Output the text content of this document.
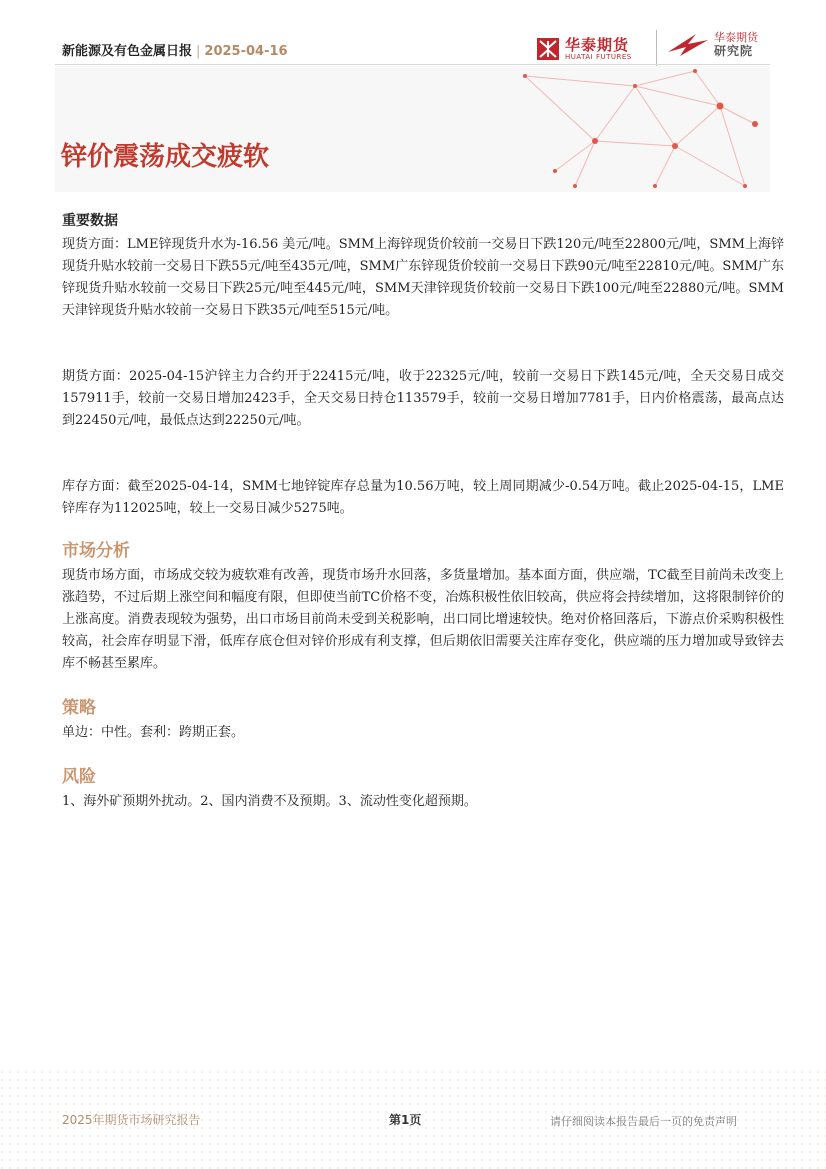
新能源及有色金属日报 | 2025-04-16	华泰期货
HUATAI FUTURES
华泰期货
研究院
锌价震荡成交疲软

重要数据

现货方面：LME锌现货升水为-16.56 美元/吨。SMM上海锌现货价较前一交易日下跌120元/吨至22800元/吨，SMM上海锌现货升贴水较前一交易日下跌55元/吨至435元/吨，SMM广东锌现货价较前一交易日下跌90元/吨至22810元/吨。SMM广东锌现货升贴水较前一交易日下跌25元/吨至445元/吨，SMM天津锌现货价较前一交易日下跌100元/吨至22880元/吨。SMM天津锌现货升贴水较前一交易日下跌35元/吨至515元/吨。

期货方面：2025-04-15沪锌主力合约开于22415元/吨，收于22325元/吨，较前一交易日下跌145元/吨，全天交易日成交157911手，较前一交易日增加2423手，全天交易日持仓113579手，较前一交易日增加7781手，日内价格震荡，最高点达到22450元/吨，最低点达到22250元/吨。

库存方面：截至2025-04-14，SMM七地锌锭库存总量为10.56万吨，较上周同期减少-0.54万吨。截止2025-04-15，LME锌库存为112025吨，较上一交易日减少5275吨。

市场分析

现货市场方面，市场成交较为疲软难有改善，现货市场升水回落，多货量增加。基本面方面，供应端，TC截至目前尚未改变上涨趋势，不过后期上涨空间和幅度有限，但即使当前TC价格不变，冶炼积极性依旧较高，供应将会持续增加，这将限制锌价的上涨高度。消费表现较为强势，出口市场目前尚未受到关税影响，出口同比增速较快。绝对价格回落后，下游点价采购积极性较高，社会库存明显下滑，低库存底仓但对锌价形成有利支撑，但后期依旧需要关注库存变化，供应端的压力增加或导致锌去库不畅甚至累库。

策略

单边：中性。套利：跨期正套。

风险

1、海外矿预期外扰动。2、国内消费不及预期。3、流动性变化超预期。

2025年期货市场研究报告	第1页	请仔细阅读本报告最后一页的免责声明
